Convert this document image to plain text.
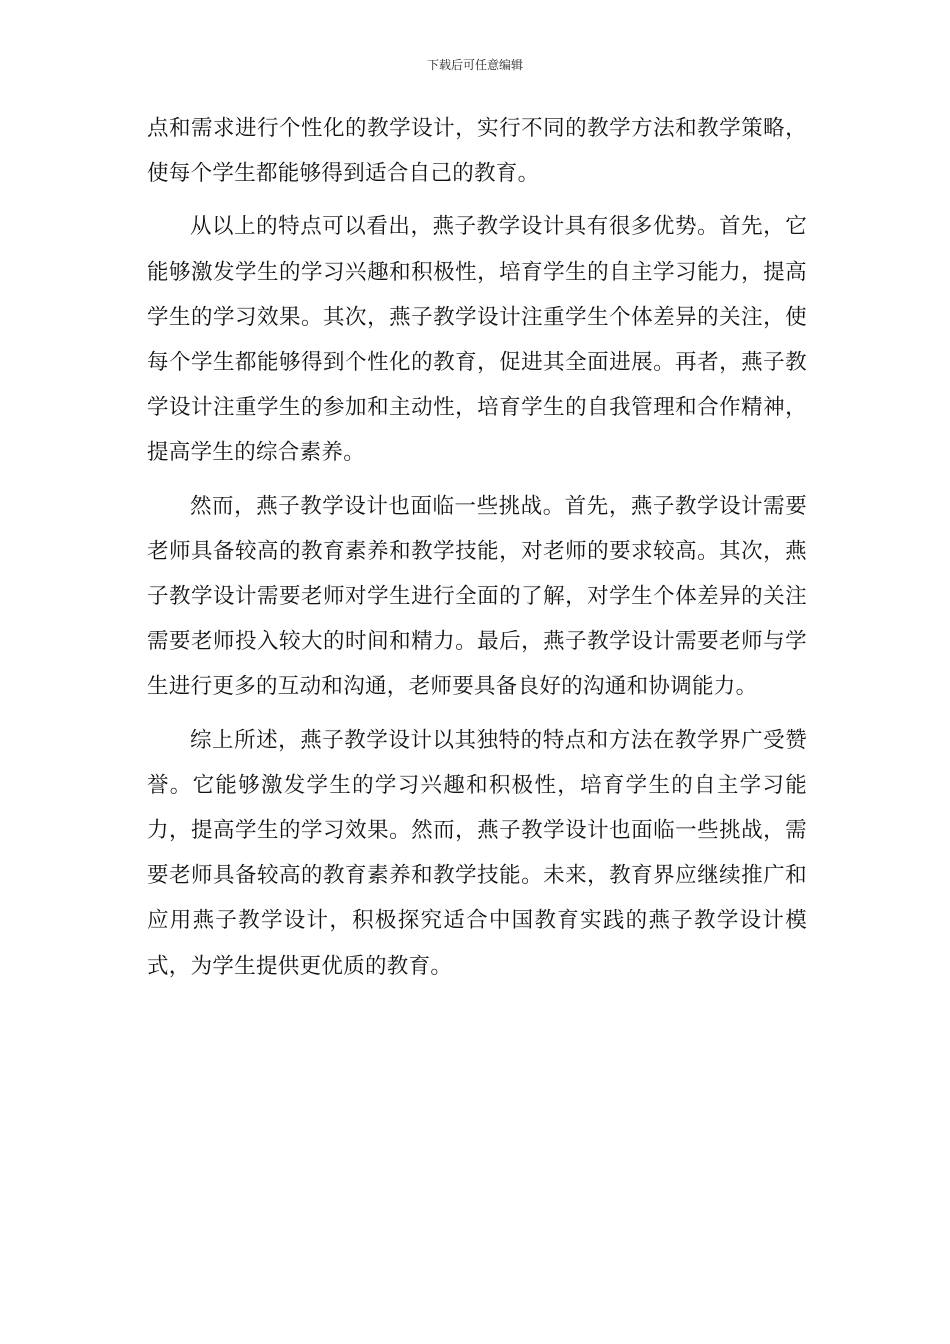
下载后可任意编辑

点和需求进行个性化的教学设计，实行不同的教学方法和教学策略，使每个学生都能够得到适合自己的教育。

从以上的特点可以看出，燕子教学设计具有很多优势。首先，它能够激发学生的学习兴趣和积极性，培育学生的自主学习能力，提高学生的学习效果。其次，燕子教学设计注重学生个体差异的关注，使每个学生都能够得到个性化的教育，促进其全面进展。再者，燕子教学设计注重学生的参加和主动性，培育学生的自我管理和合作精神，提高学生的综合素养。

然而，燕子教学设计也面临一些挑战。首先，燕子教学设计需要老师具备较高的教育素养和教学技能，对老师的要求较高。其次，燕子教学设计需要老师对学生进行全面的了解，对学生个体差异的关注需要老师投入较大的时间和精力。最后，燕子教学设计需要老师与学生进行更多的互动和沟通，老师要具备良好的沟通和协调能力。

综上所述，燕子教学设计以其独特的特点和方法在教学界广受赞誉。它能够激发学生的学习兴趣和积极性，培育学生的自主学习能力，提高学生的学习效果。然而，燕子教学设计也面临一些挑战，需要老师具备较高的教育素养和教学技能。未来，教育界应继续推广和应用燕子教学设计，积极探究适合中国教育实践的燕子教学设计模式，为学生提供更优质的教育。
